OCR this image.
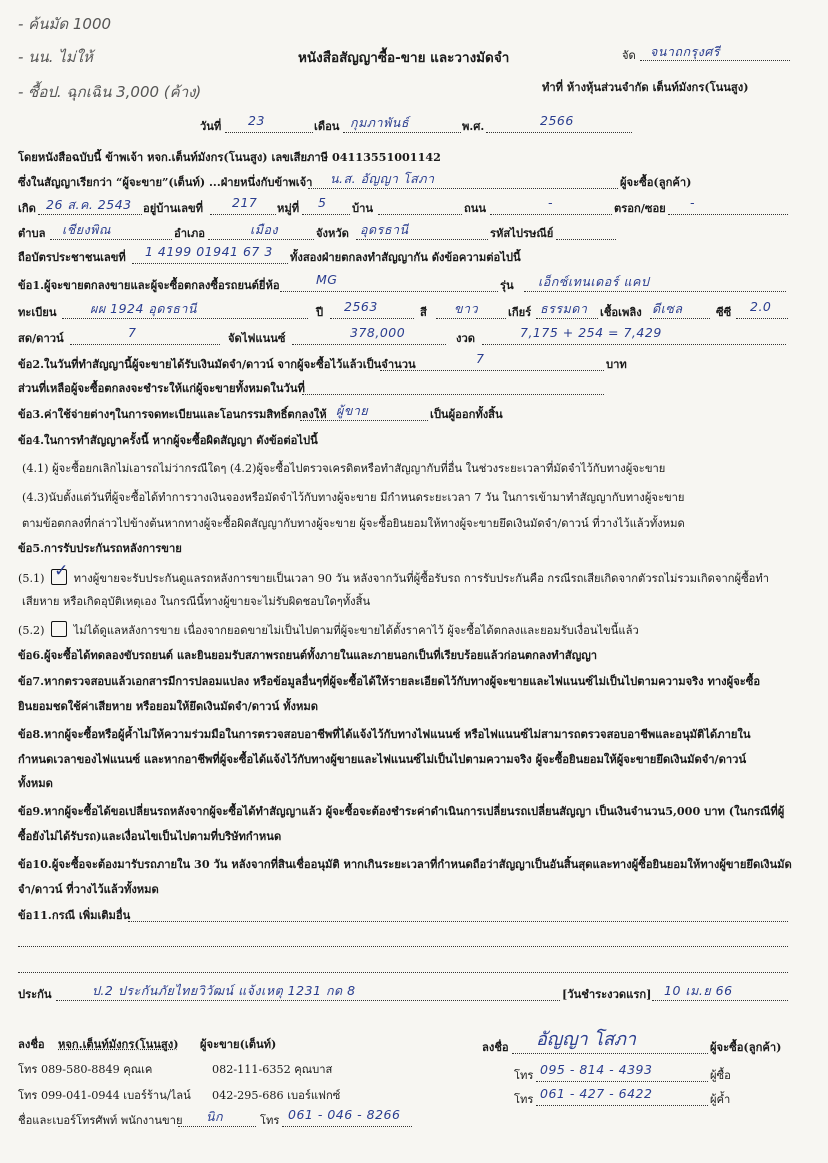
- ค้นมัด 1000
- นน. ไม่ให้
- ซื้อป. ฉุกเฉิน 3,000 (ค้าง)
หนังสือสัญญาซื้อ-ขาย และวางมัดจำ	จัด จนาถกรุงศรี
ทำที่ ห้างหุ้นส่วนจำกัด เต็นท์มังกร(โนนสูง)
วันที่ 23	เดือน กุมภาพันธ์	พ.ศ.	2566
โดยหนังสือฉบับนี้ ข้าพเจ้า หจก.เต็นท์มังกร(โนนสูง) เลขเสียภาษี 04113551001142
ซึ่งในสัญญาเรียกว่า “ผู้จะขาย”(เต็นท์) ...ฝ่ายหนึ่งกับข้าพเจ้า น.ส. อัญญา โสภา	ผู้จะซื้อ(ลูกค้า)
เกิด 26 ส.ค. 2543 อยู่บ้านเลขที่ 217 หมู่ที่ 5 บ้าน	ถนน	-	ตรอก/ซอย -
ตำบล เชียงพิณ	อำเภอ	เมือง	จังหวัด อุดรธานี	รหัสไปรษณีย์
ถือบัตรประชาชนเลขที่ 1 4199 01941 67 3 ทั้งสองฝ่ายตกลงทำสัญญากัน ดังข้อความต่อไปนี้
ข้อ1.ผู้จะขายตกลงขายและผู้จะซื้อตกลงซื้อรถยนต์ยี่ห้อ	MG	รุ่น เอ็กซ์เทนเดอร์ แคป
ทะเบียน	ผผ 1924 อุดรธานี	ปี 2563	สี ขาว	เกียร์ ธรรมดา เชื้อเพลิง ดีเซล	ซีซี 2.0
สด/ดาวน์	7	จัดไฟแนนซ์	378,000	งวด	7,175 + 254 = 7,429
ข้อ2.ในวันที่ทำสัญญานี้ผู้จะขายได้รับเงินมัดจำ/ดาวน์ จากผู้จะซื้อไว้แล้วเป็นจำนวน	7	บาท
ส่วนที่เหลือผู้จะซื้อตกลงจะชำระให้แก่ผู้จะขายทั้งหมดในวันที่
ข้อ3.ค่าใช้จ่ายต่างๆในการจดทะเบียนและโอนกรรมสิทธิ์ตกลงให้ ผู้ขาย	เป็นผู้ออกทั้งสิ้น
ข้อ4.ในการทำสัญญาครั้งนี้ หากผู้จะซื้อผิดสัญญา ดังข้อต่อไปนี้
(4.1) ผู้จะซื้อยกเลิกไม่เอารถไม่ว่ากรณีใดๆ (4.2)ผู้จะซื้อไปตรวจเครดิตหรือทำสัญญากับที่อื่น ในช่วงระยะเวลาที่มัดจำไว้กับทางผู้จะขาย
(4.3)นับตั้งแต่วันที่ผู้จะซื้อได้ทำการวางเงินจองหรือมัดจำไว้กับทางผู้จะขาย มีกำหนดระยะเวลา 7 วัน ในการเข้ามาทำสัญญากับทางผู้จะขาย
ตามข้อตกลงที่กล่าวไปข้างต้นหากทางผู้จะซื้อผิดสัญญากับทางผู้จะขาย ผู้จะซื้อยินยอมให้ทางผู้จะขายยึดเงินมัดจำ/ดาวน์ ที่วางไว้แล้วทั้งหมด
ข้อ5.การรับประกันรถหลังการขาย
(5.1) ✓ ทางผู้ขายจะรับประกันดูแลรถหลังการขายเป็นเวลา 90 วัน หลังจากวันที่ผู้ซื้อรับรถ การรับประกันคือ กรณีรถเสียเกิดจากตัวรถไม่รวมเกิดจากผู้ซื้อทำ
เสียหาย หรือเกิดอุบัติเหตุเอง ในกรณีนี้ทางผู้ขายจะไม่รับผิดชอบใดๆทั้งสิ้น
(5.2)	ไม่ได้ดูแลหลังการขาย เนื่องจากยอดขายไม่เป็นไปตามที่ผู้จะขายได้ตั้งราคาไว้ ผู้จะซื้อได้ตกลงและยอมรับเงื่อนไขนี้แล้ว
ข้อ6.ผู้จะซื้อได้ทดลองขับรถยนต์ และยินยอมรับสภาพรถยนต์ทั้งภายในและภายนอกเป็นที่เรียบร้อยแล้วก่อนตกลงทำสัญญา
ข้อ7.หากตรวจสอบแล้วเอกสารมีการปลอมแปลง หรือข้อมูลอื่นๆที่ผู้จะซื้อได้ให้รายละเอียดไว้กับทางผู้จะขายและไฟแนนซ์ไม่เป็นไปตามความจริง ทางผู้จะซื้อ
ยินยอมชดใช้ค่าเสียหาย หรือยอมให้ยึดเงินมัดจำ/ดาวน์ ทั้งหมด
ข้อ8.หากผู้จะซื้อหรือผู้ค้ำไม่ให้ความร่วมมือในการตรวจสอบอาชีพที่ได้แจ้งไว้กับทางไฟแนนซ์ หรือไฟแนนซ์ไม่สามารถตรวจสอบอาชีพและอนุมัติได้ภายใน
กำหนดเวลาของไฟแนนซ์ และหากอาชีพที่ผู้จะซื้อได้แจ้งไว้กับทางผู้ขายและไฟแนนซ์ไม่เป็นไปตามความจริง ผู้จะซื้อยินยอมให้ผู้จะขายยึดเงินมัดจำ/ดาวน์
ทั้งหมด
ข้อ9.หากผู้จะซื้อได้ขอเปลี่ยนรถหลังจากผู้จะซื้อได้ทำสัญญาแล้ว ผู้จะซื้อจะต้องชำระค่าดำเนินการเปลี่ยนรถเปลี่ยนสัญญา เป็นเงินจำนวน5,000 บาท (ในกรณีที่ผู้
ซื้อยังไม่ได้รับรถ)และเงื่อนไขเป็นไปตามที่บริษัทกำหนด
ข้อ10.ผู้จะซื้อจะต้องมารับรถภายใน 30 วัน หลังจากที่สินเชื่ออนุมัติ หากเกินระยะเวลาที่กำหนดถือว่าสัญญาเป็นอันสิ้นสุดและทางผู้ซื้อยินยอมให้ทางผู้ขายยึดเงินมัด
จำ/ดาวน์ ที่วางไว้แล้วทั้งหมด
ข้อ11.กรณี เพิ่มเติมอื่น
ประกัน	ป.2 ประกันภัยไทยวิวัฒน์ แจ้งเหตุ 1231 กด 8	[วันชำระงวดแรก] 10 เม.ย 66
ลงชื่อ หจก.เต็นท์มังกร(โนนสูง) ผู้จะขาย(เต็นท์)
โทร 089-580-8849 คุณเค	082-111-6352 คุณบาส
โทร 099-041-0944 เบอร์ร้าน/ไลน์ 042-295-686 เบอร์แฟกซ์
ชื่อและเบอร์โทรศัพท์ พนักงานขาย นิก	โทร 061 - 046 - 8266
ลงชื่อ อัญญา โสภา	ผู้จะซื้อ(ลูกค้า)
โทร 095 - 814 - 4393	ผู้ซื้อ
โทร 061 - 427 - 6422	ผู้ค้ำ
